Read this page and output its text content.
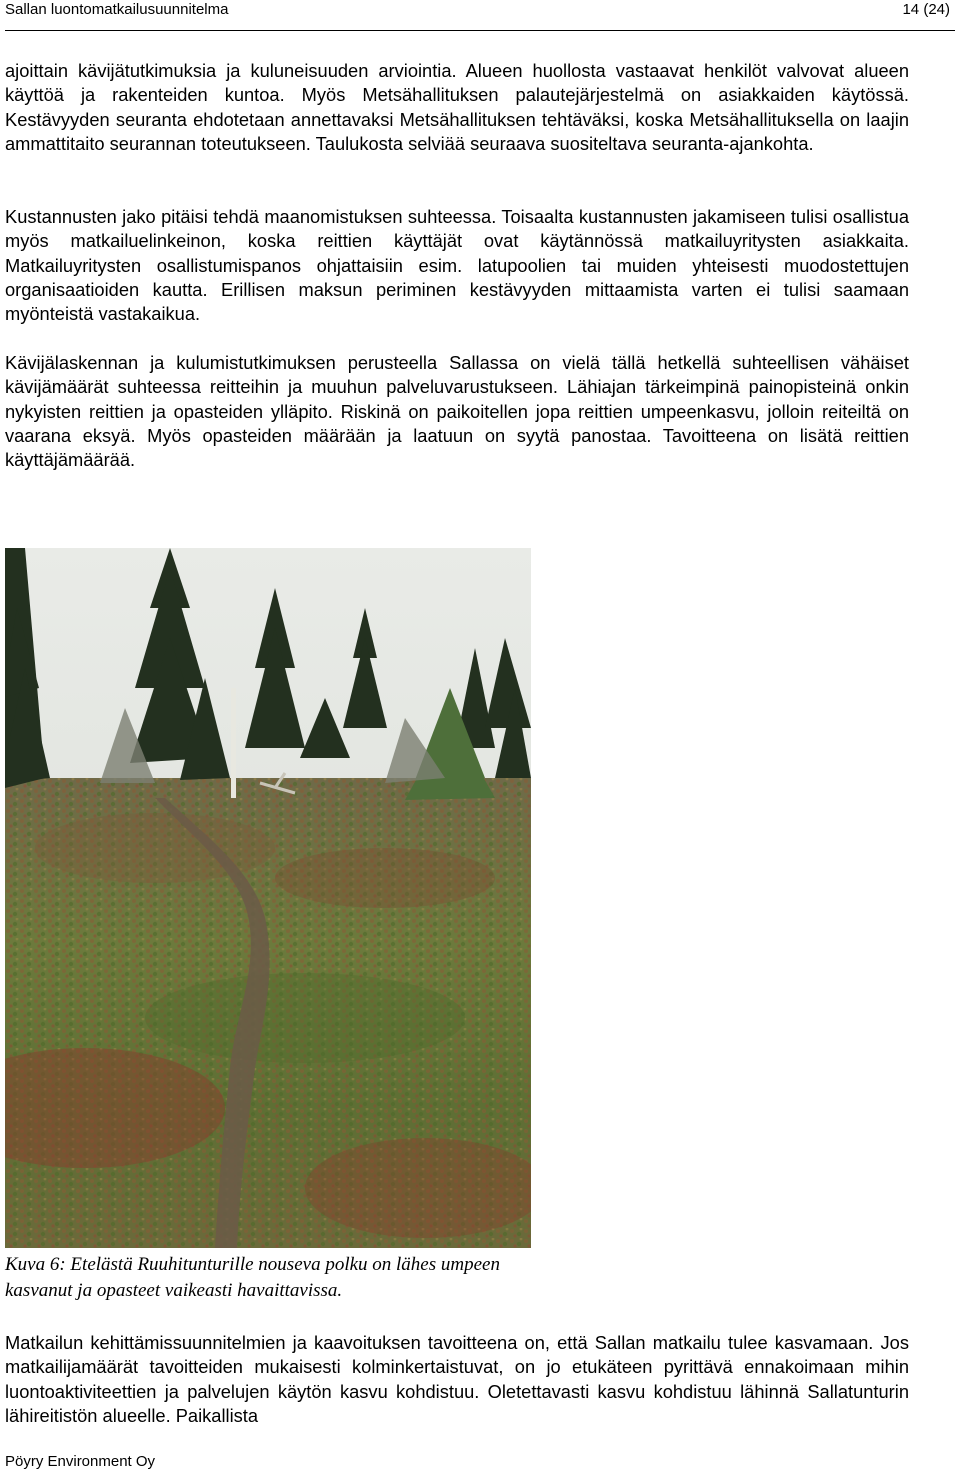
Sallan luontomatkailusuunnitelma	14 (24)

ajoittain kävijätutkimuksia ja kuluneisuuden arviointia. Alueen huollosta vastaavat henkilöt valvovat alueen käyttöä ja rakenteiden kuntoa. Myös Metsähallituksen palautejärjestelmä on asiakkaiden käytössä. Kestävyyden seuranta ehdotetaan annettavaksi Metsähallituksen tehtäväksi, koska Metsähallituksella on laajin ammattitaito seurannan toteutukseen. Taulukosta selviää seuraava suositeltava seuranta-ajankohta.

Kustannusten jako pitäisi tehdä maanomistuksen suhteessa. Toisaalta kustannusten jakamiseen tulisi osallistua myös matkailuelinkeinon, koska reittien käyttäjät ovat käytännössä matkailuyritysten asiakkaita. Matkailuyritysten osallistumispanos ohjattaisiin esim. latupoolien tai muiden yhteisesti muodostettujen organisaatioiden kautta. Erillisen maksun periminen kestävyyden mittaamista varten ei tulisi saamaan myönteistä vastakaikua.

Kävijälaskennan ja kulumistutkimuksen perusteella Sallassa on vielä tällä hetkellä suhteellisen vähäiset kävijämäärät suhteessa reitteihin ja muuhun palveluvarustukseen. Lähiajan tärkeimpinä painopisteinä onkin nykyisten reittien ja opasteiden ylläpito. Riskinä on paikoitellen jopa reittien umpeenkasvu, jolloin reiteiltä on vaarana eksyä. Myös opasteiden määrään ja laatuun on syytä panostaa. Tavoitteena on lisätä reittien käyttäjämäärää.

Kuva 6: Etelästä Ruuhitunturille nouseva polku on lähes umpeen kasvanut ja opasteet vaikeasti havaittavissa.

Matkailun kehittämissuunnitelmien ja kaavoituksen tavoitteena on, että Sallan matkailu tulee kasvamaan. Jos matkailijamäärät tavoitteiden mukaisesti kolminkertaistuvat, on jo etukäteen pyrittävä ennakoimaan mihin luontoaktiviteettien ja palvelujen käytön kasvu kohdistuu. Oletettavasti kasvu kohdistuu lähinnä Sallatunturin lähireitistön alueelle. Paikallista

Pöyry Environment Oy
